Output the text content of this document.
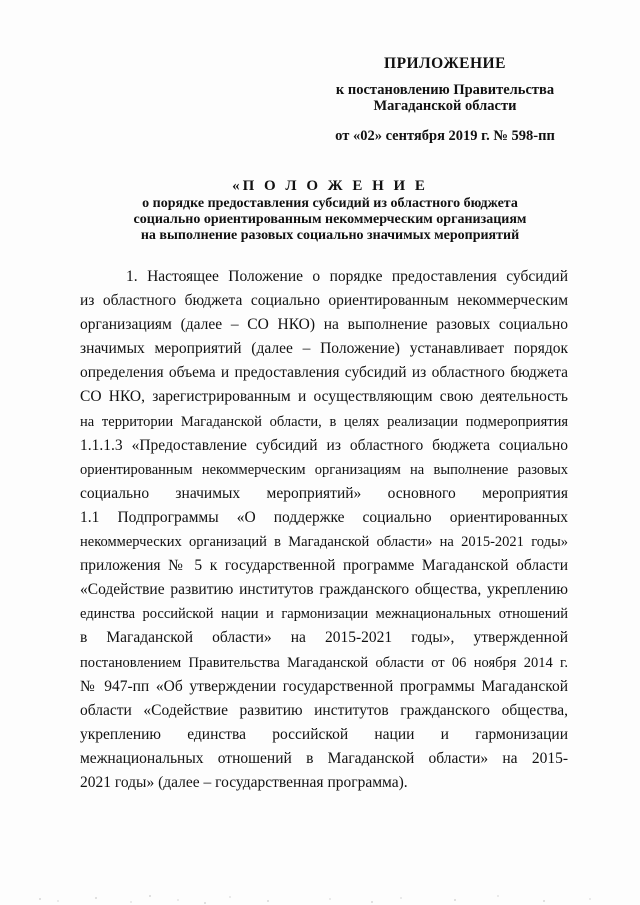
ПРИЛОЖЕНИЕ
к постановлению Правительства
Магаданской области
от «02» сентября 2019 г. № 598-пп
«П О Л О Ж Е Н И Е
о порядке предоставления субсидий из областного бюджета
социально ориентированным некоммерческим организациям
на выполнение разовых социально значимых мероприятий
1. Настоящее Положение о порядке предоставления субсидий
из областного бюджета социально ориентированным некоммерческим
организациям (далее – СО НКО) на выполнение разовых социально
значимых мероприятий (далее – Положение) устанавливает порядок
определения объема и предоставления субсидий из областного бюджета
СО НКО, зарегистрированным и осуществляющим свою деятельность
на территории Магаданской области, в целях реализации подмероприятия
1.1.1.3 «Предоставление субсидий из областного бюджета социально
ориентированным некоммерческим организациям на выполнение разовых
социально значимых мероприятий» основного мероприятия
1.1 Подпрограммы «О поддержке социально ориентированных
некоммерческих организаций в Магаданской области» на 2015-2021 годы»
приложения № 5 к государственной программе Магаданской области
«Содействие развитию институтов гражданского общества, укреплению
единства российской нации и гармонизации межнациональных отношений
в Магаданской области» на 2015-2021 годы», утвержденной
постановлением Правительства Магаданской области от 06 ноября 2014 г.
№ 947-пп «Об утверждении государственной программы Магаданской
области «Содействие развитию институтов гражданского общества,
укреплению единства российской нации и гармонизации
межнациональных отношений в Магаданской области» на 2015-
2021 годы» (далее – государственная программа).
